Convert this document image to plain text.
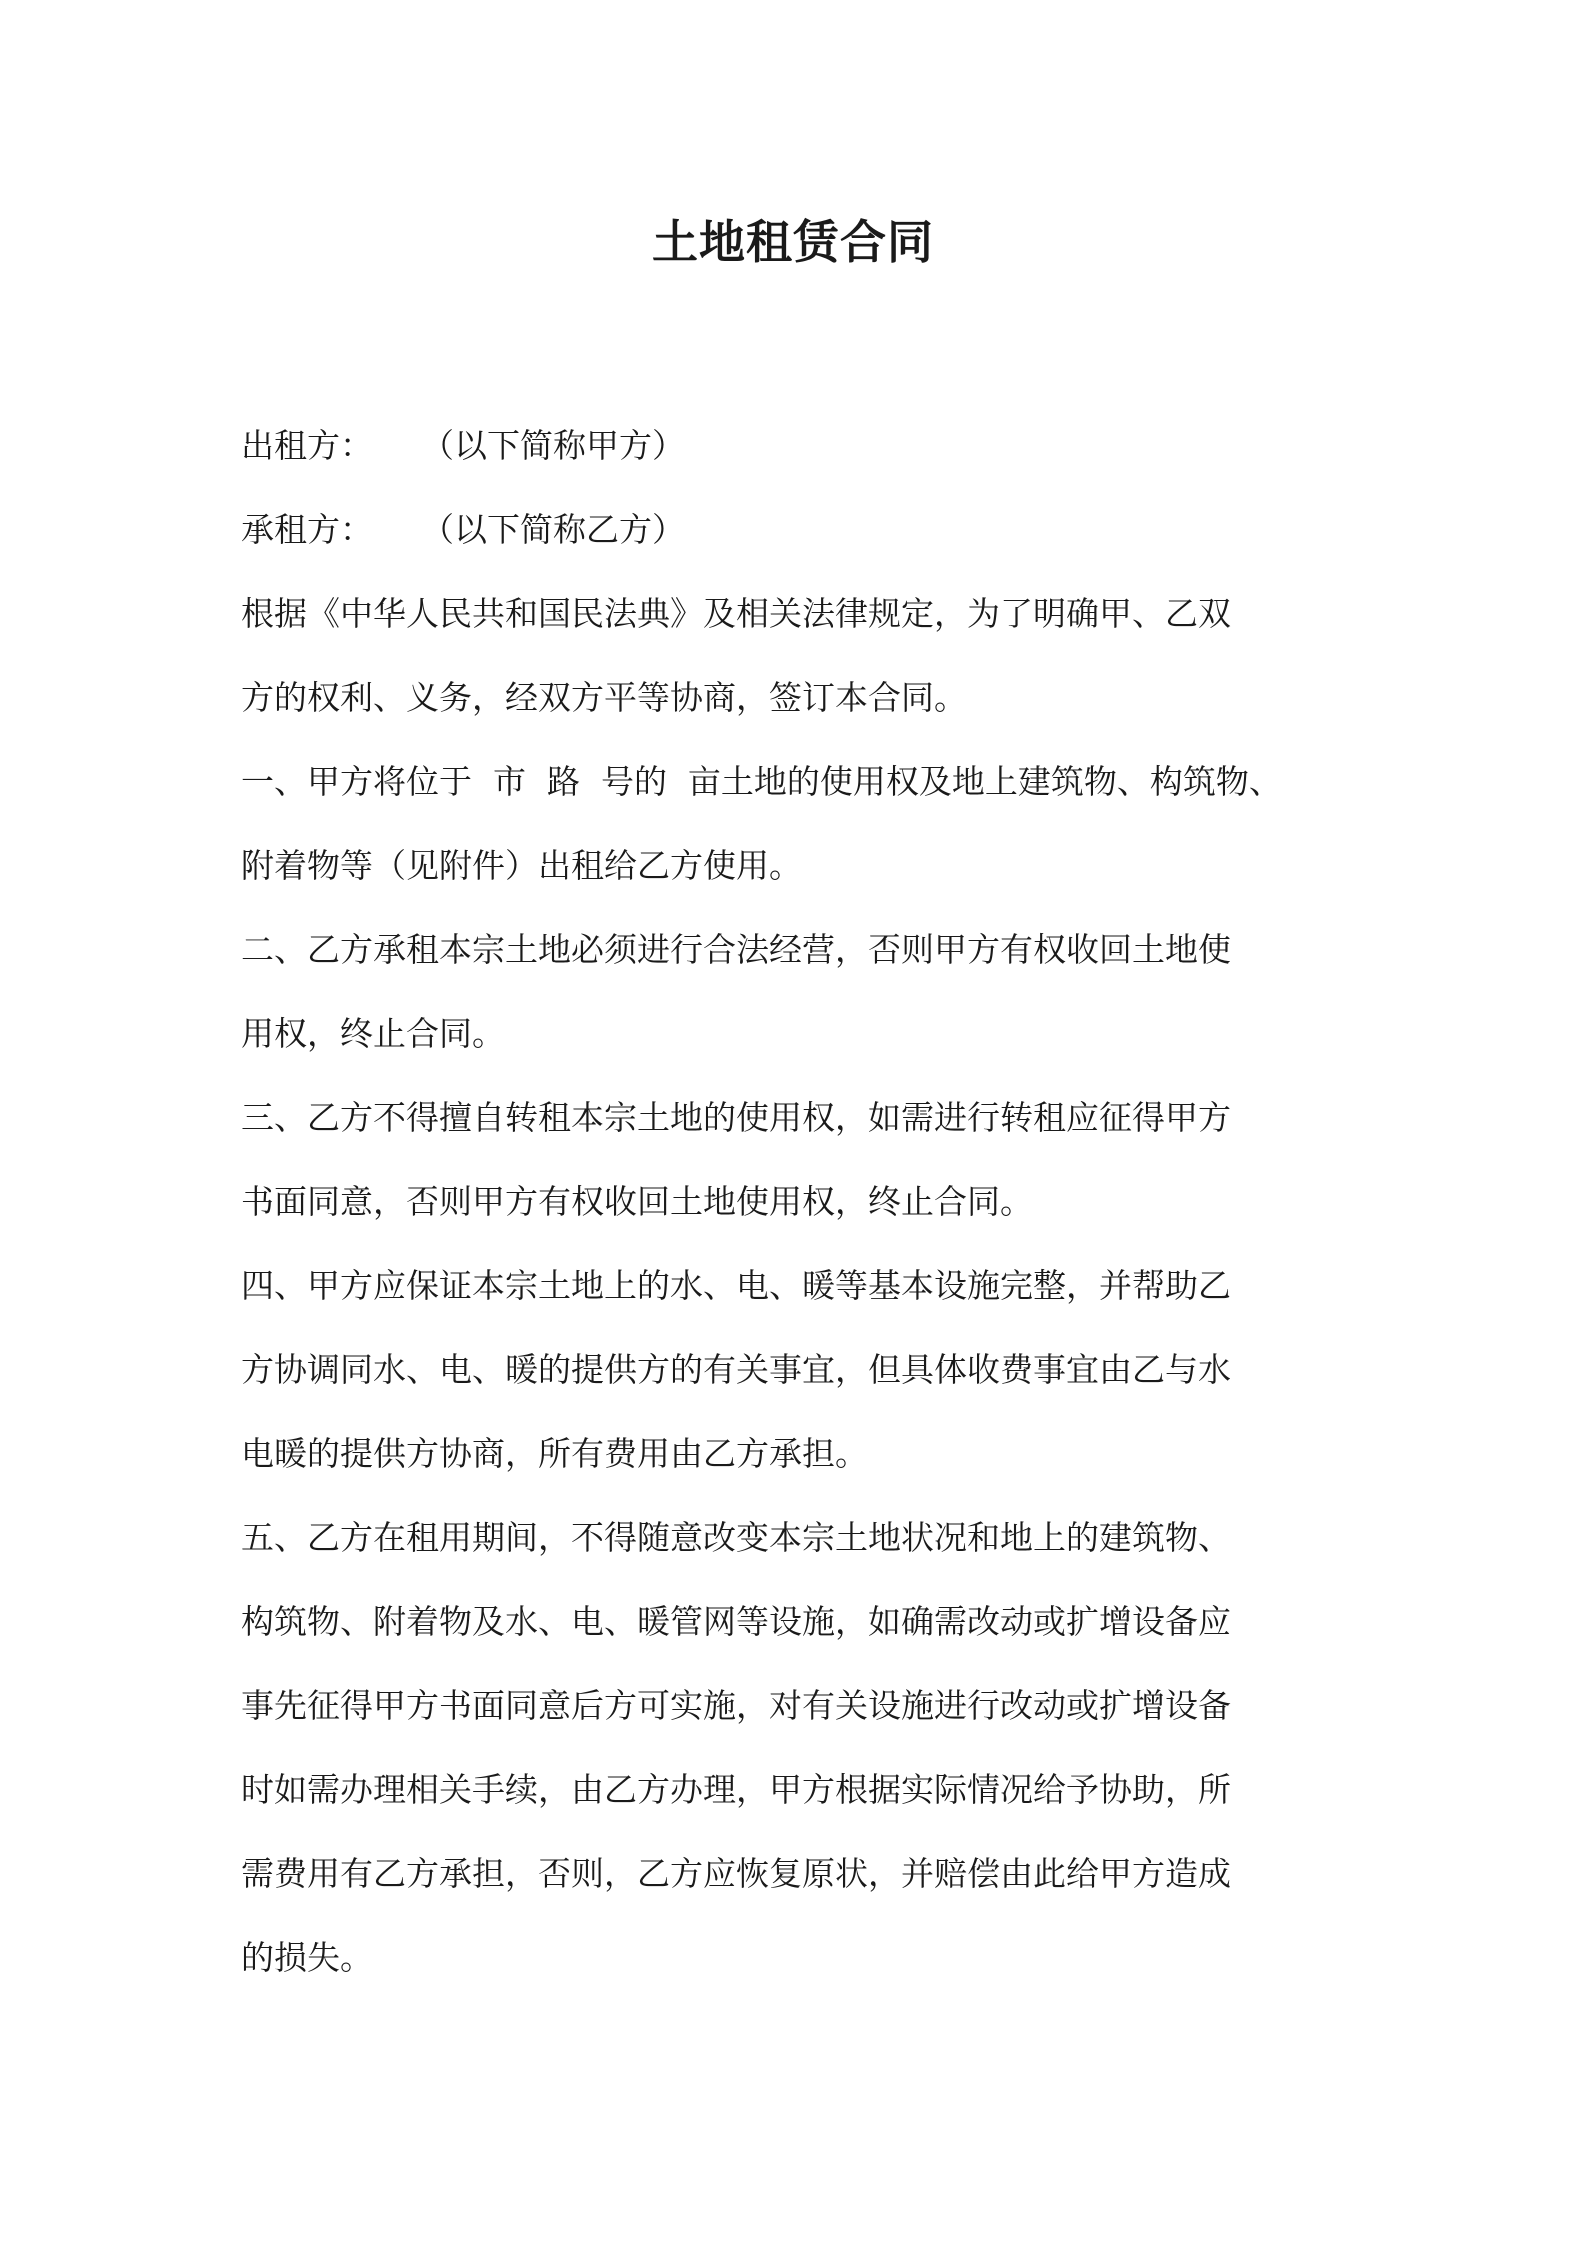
土地租赁合同
出租方： （以下简称甲方）
承租方： （以下简称乙方）
根据《中华人民共和国民法典》及相关法律规定，为了明确甲、乙双
方的权利、义务，经双方平等协商，签订本合同。
一、甲方将位于  市  路  号的  亩土地的使用权及地上建筑物、构筑物、
附着物等（见附件）出租给乙方使用。
二、乙方承租本宗土地必须进行合法经营，否则甲方有权收回土地使
用权，终止合同。
三、乙方不得擅自转租本宗土地的使用权，如需进行转租应征得甲方
书面同意，否则甲方有权收回土地使用权，终止合同。
四、甲方应保证本宗土地上的水、电、暖等基本设施完整，并帮助乙
方协调同水、电、暖的提供方的有关事宜，但具体收费事宜由乙与水
电暖的提供方协商，所有费用由乙方承担。
五、乙方在租用期间，不得随意改变本宗土地状况和地上的建筑物、
构筑物、附着物及水、电、暖管网等设施，如确需改动或扩增设备应
事先征得甲方书面同意后方可实施，对有关设施进行改动或扩增设备
时如需办理相关手续，由乙方办理，甲方根据实际情况给予协助，所
需费用有乙方承担，否则，乙方应恢复原状，并赔偿由此给甲方造成
的损失。
